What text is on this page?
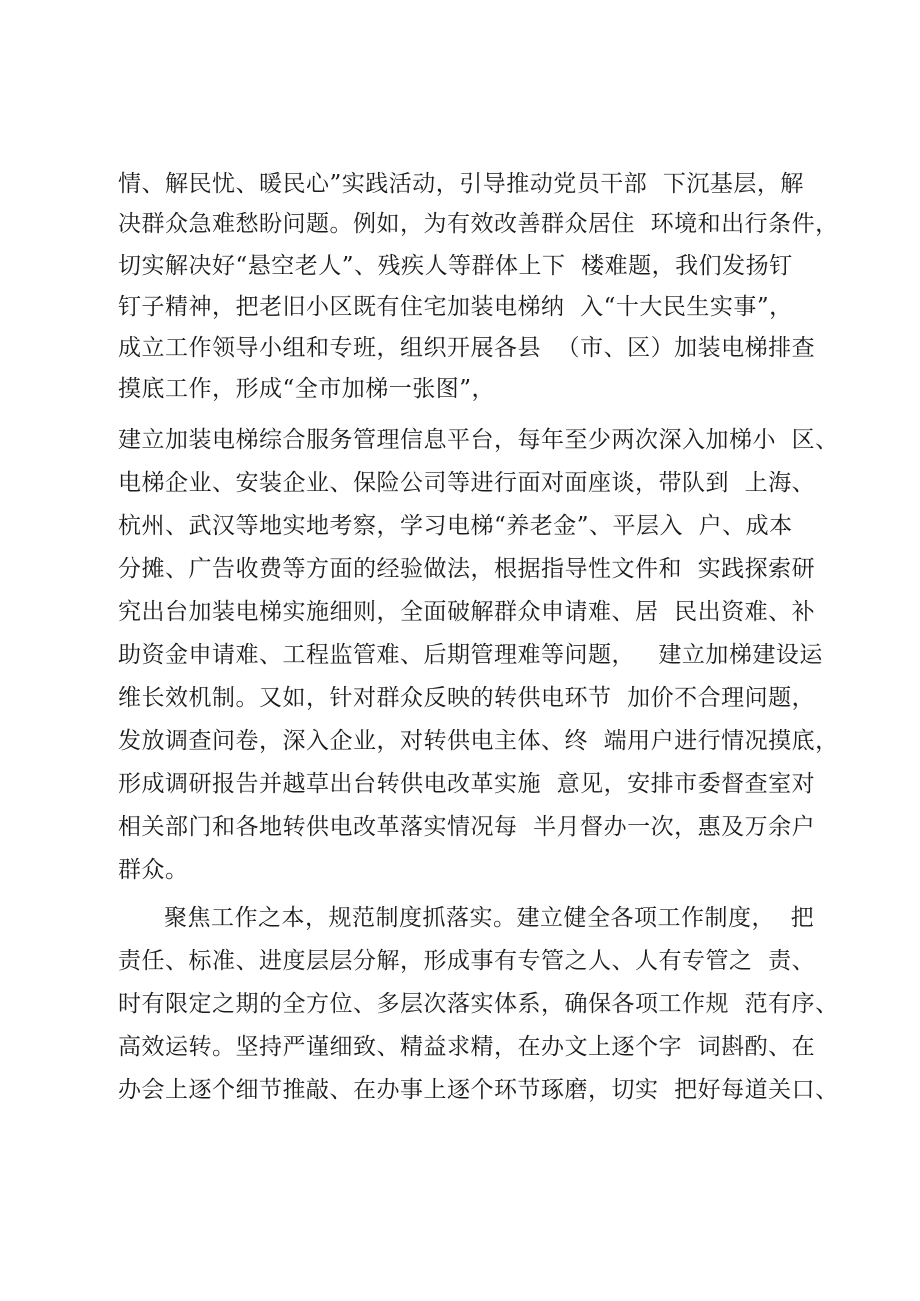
情、解民忧、暖民心”实践活动，引导推动党员干部  下沉基层，解
决群众急难愁盼问题。例如，为有效改善群众居住  环境和出行条件，
切实解决好“悬空老人”、残疾人等群体上下  楼难题，我们发扬钉
钉子精神，把老旧小区既有住宅加装电梯纳  入“十大民生实事”，
成立工作领导小组和专班，组织开展各县  （市、区）加装电梯排查
摸底工作，形成“全市加梯一张图”，
建立加装电梯综合服务管理信息平台，每年至少两次深入加梯小  区、
电梯企业、安装企业、保险公司等进行面对面座谈，带队到  上海、
杭州、武汉等地实地考察，学习电梯“养老金”、平层入  户、成本
分摊、广告收费等方面的经验做法，根据指导性文件和  实践探索研
究出台加装电梯实施细则，全面破解群众申请难、居  民出资难、补
助资金申请难、工程监管难、后期管理难等问题，   建立加梯建设运
维长效机制。又如，针对群众反映的转供电环节  加价不合理问题，
发放调查问卷，深入企业，对转供电主体、终  端用户进行情况摸底，
形成调研报告并越草出台转供电改革实施  意见，安排市委督查室对
相关部门和各地转供电改革落实情况每  半月督办一次，惠及万余户
群众。
聚焦工作之本，规范制度抓落实。建立健全各项工作制度，  把
责任、标准、进度层层分解，形成事有专管之人、人有专管之  责、
时有限定之期的全方位、多层次落实体系，确保各项工作规  范有序、
高效运转。坚持严谨细致、精益求精，在办文上逐个字  词斟酌、在
办会上逐个细节推敲、在办事上逐个环节琢磨，切实  把好每道关口、
